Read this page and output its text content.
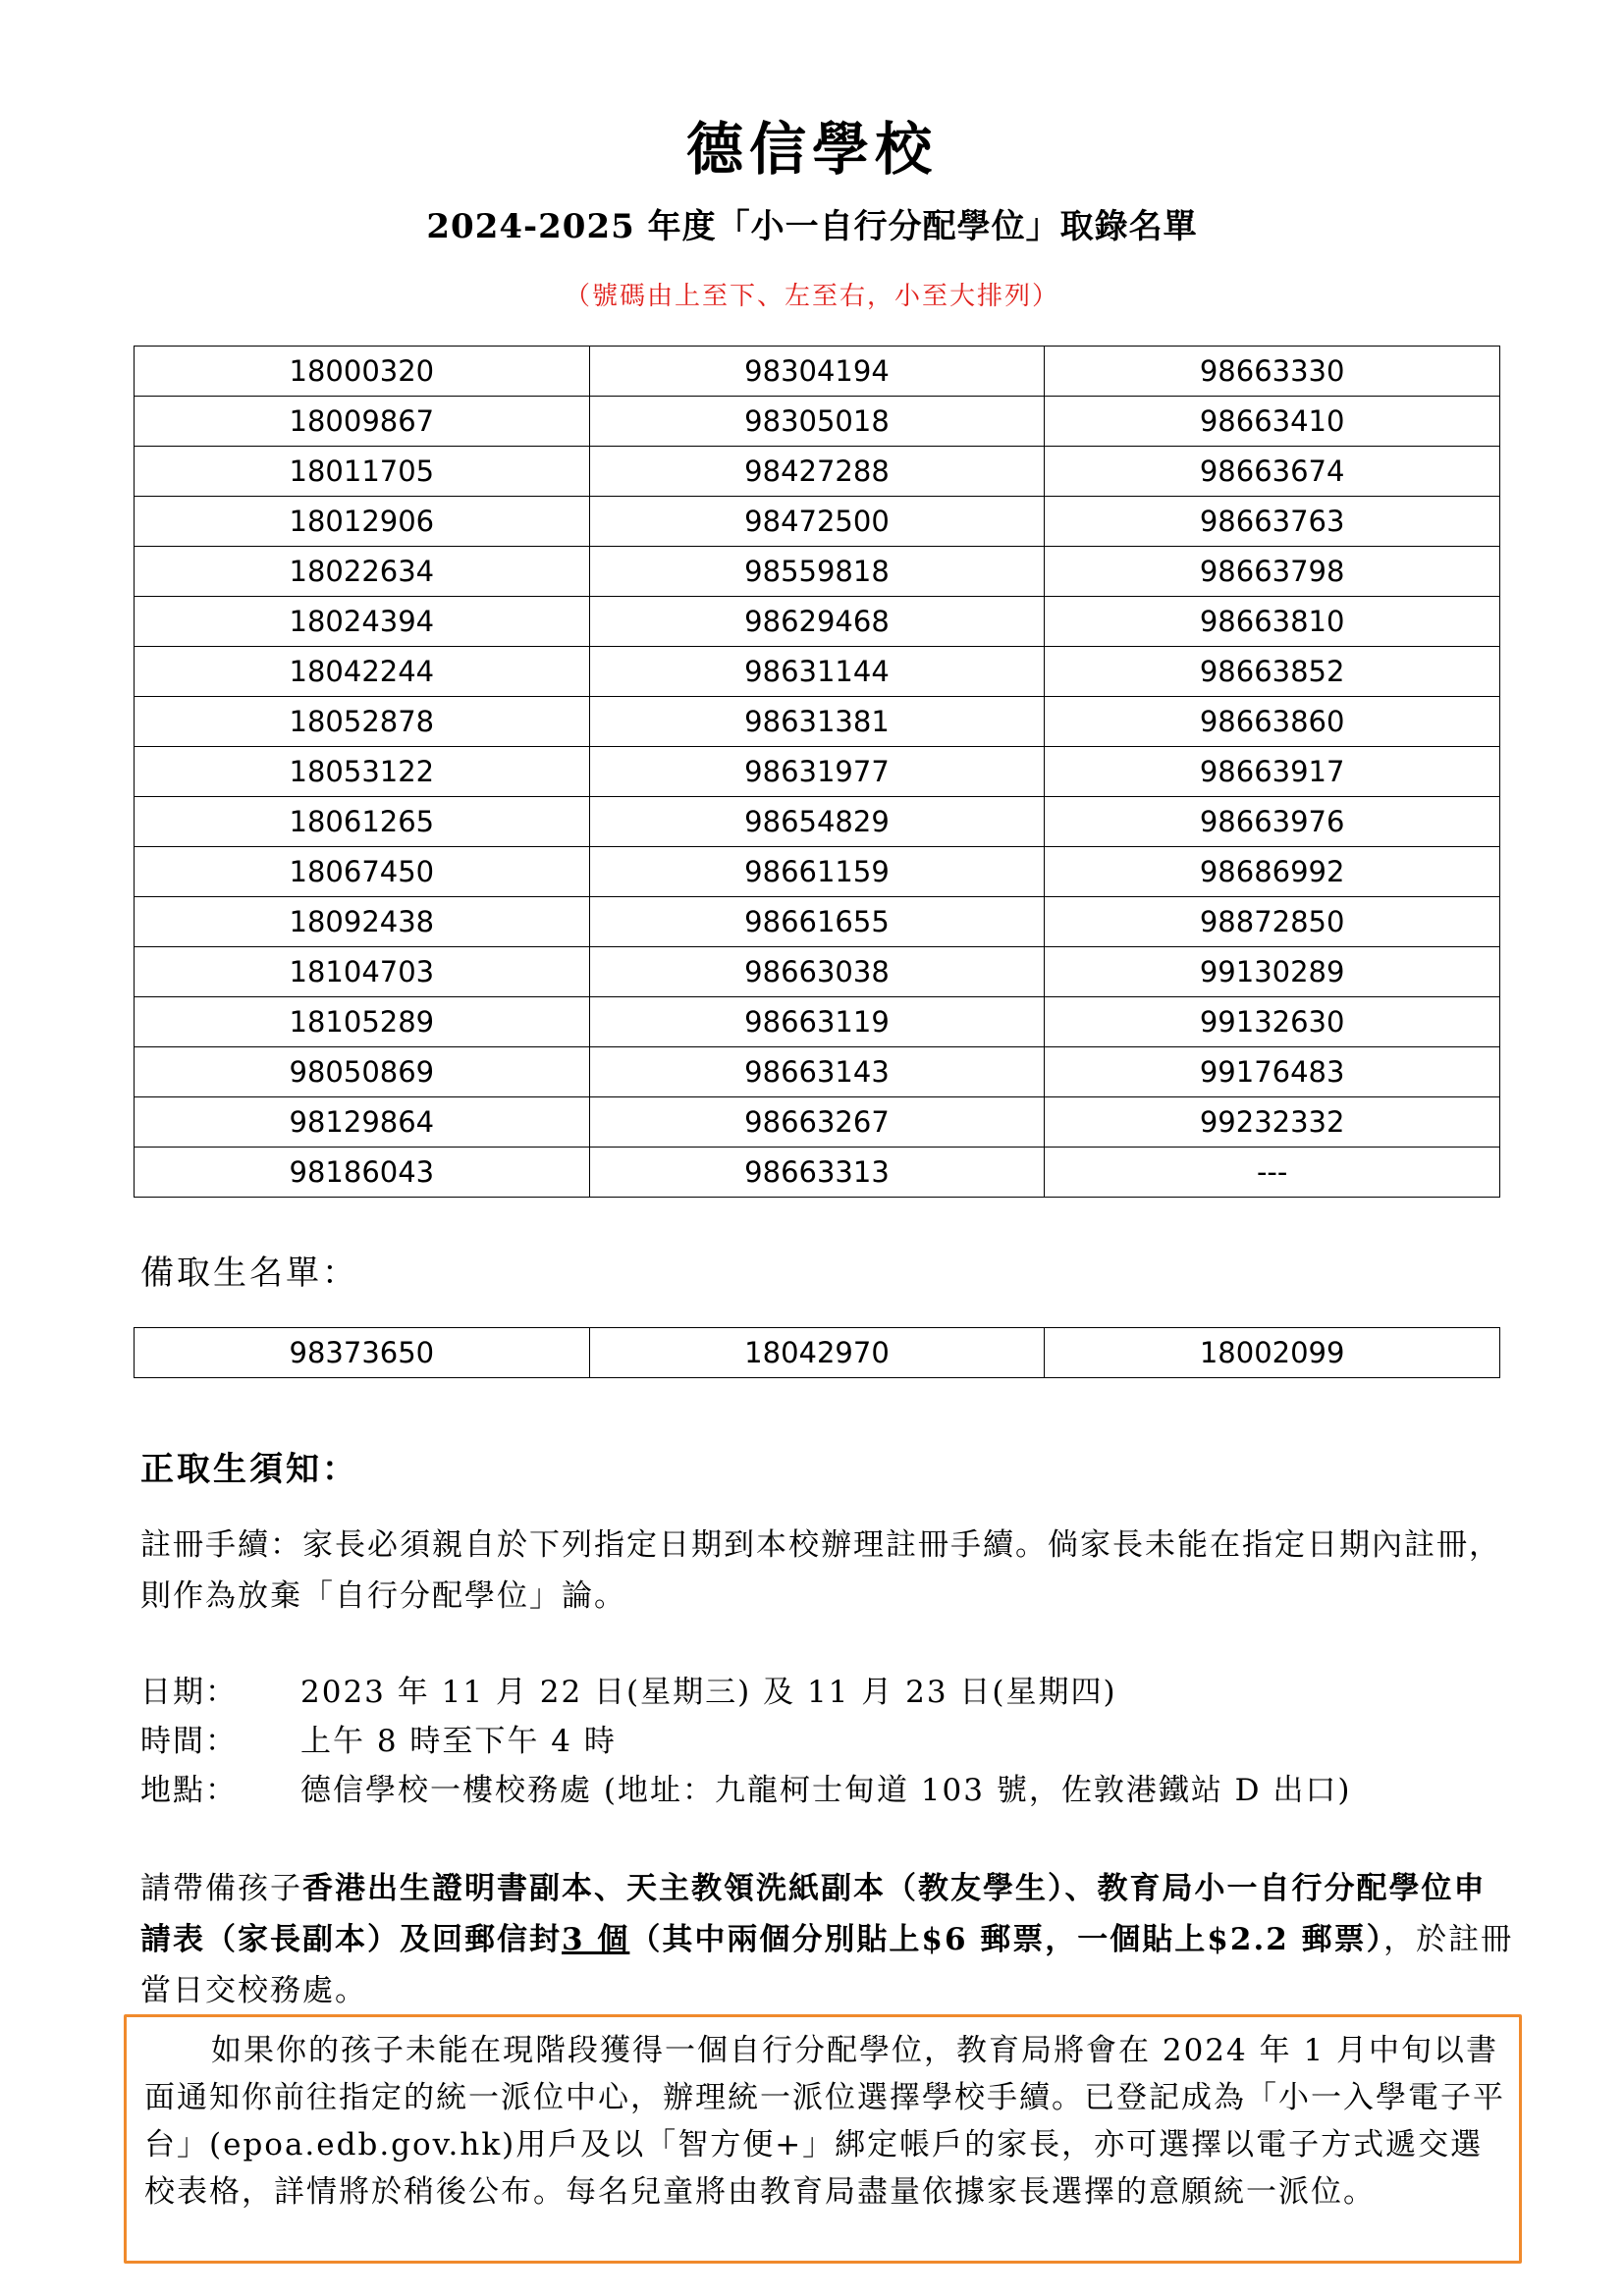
德信學校
2024-2025 年度「小一自行分配學位」取錄名單
（號碼由上至下、左至右，小至大排列）
18000320	98304194	98663330
18009867	98305018	98663410
18011705	98427288	98663674
18012906	98472500	98663763
18022634	98559818	98663798
18024394	98629468	98663810
18042244	98631144	98663852
18052878	98631381	98663860
18053122	98631977	98663917
18061265	98654829	98663976
18067450	98661159	98686992
18092438	98661655	98872850
18104703	98663038	99130289
18105289	98663119	99132630
98050869	98663143	99176483
98129864	98663267	99232332
98186043	98663313	---
備取生名單：
98373650	18042970	18002099
正取生須知：
註冊手續：家長必須親自於下列指定日期到本校辦理註冊手續。倘家長未能在指定日期內註冊，則作為放棄「自行分配學位」論。
日期： 2023 年 11 月 22 日(星期三) 及 11 月 23 日(星期四)
時間： 上午 8 時至下午 4 時
地點： 德信學校一樓校務處 (地址：九龍柯士甸道 103 號，佐敦港鐵站 D 出口)
請帶備孩子香港出生證明書副本、天主教領洗紙副本（教友學生）、教育局小一自行分配學位申請表（家長副本）及回郵信封3 個（其中兩個分別貼上$6 郵票，一個貼上$2.2 郵票），於註冊當日交校務處。
如果你的孩子未能在現階段獲得一個自行分配學位，教育局將會在 2024 年 1 月中旬以書面通知你前往指定的統一派位中心，辦理統一派位選擇學校手續。已登記成為「小一入學電子平台」(epoa.edb.gov.hk)用戶及以「智方便+」綁定帳戶的家長，亦可選擇以電子方式遞交選校表格，詳情將於稍後公布。每名兒童將由教育局盡量依據家長選擇的意願統一派位。
